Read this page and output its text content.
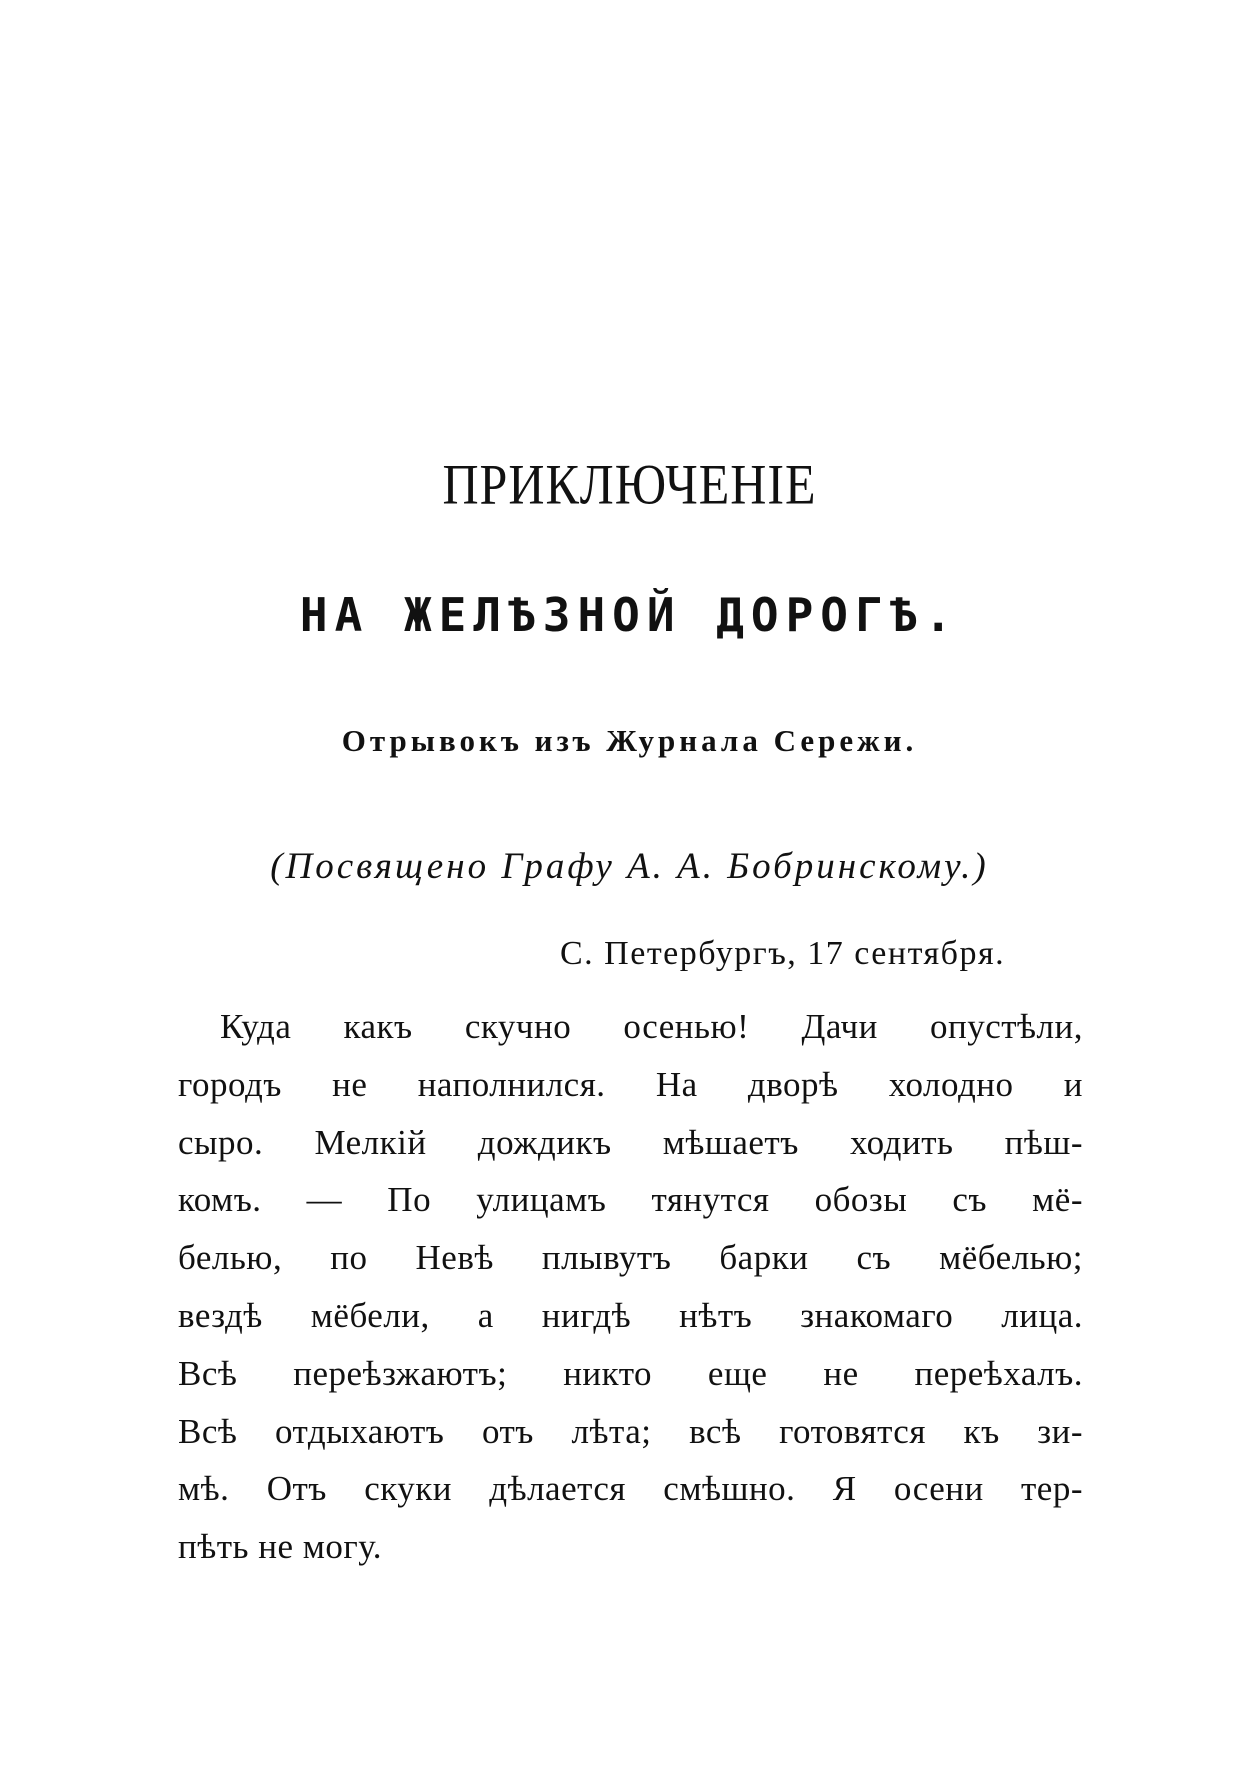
ПРИКЛЮЧЕНIЕ
НА ЖЕЛѢЗНОЙ ДОРОГѢ.
Отрывокъ изъ Журнала Сережи.
(Посвящено Графу А. А. Бобринскому.)
С. Петербургъ, 17 сентября.
Куда какъ скучно осенью! Дачи опустѣли,
городъ не наполнился. На дворѣ холодно и
сыро. Мелкiй дождикъ мѣшаетъ ходить пѣш-
комъ. — По улицамъ тянутся обозы съ мё-
белью, по Невѣ плывутъ барки съ мёбелью;
вездѣ мёбели, а нигдѣ нѣтъ знакомаго лица.
Всѣ переѣзжаютъ; никто еще не переѣхалъ.
Всѣ отдыхаютъ отъ лѣта; всѣ готовятся къ зи-
мѣ. Отъ скуки дѣлается смѣшно. Я осени тер-
пѣть не могу.
